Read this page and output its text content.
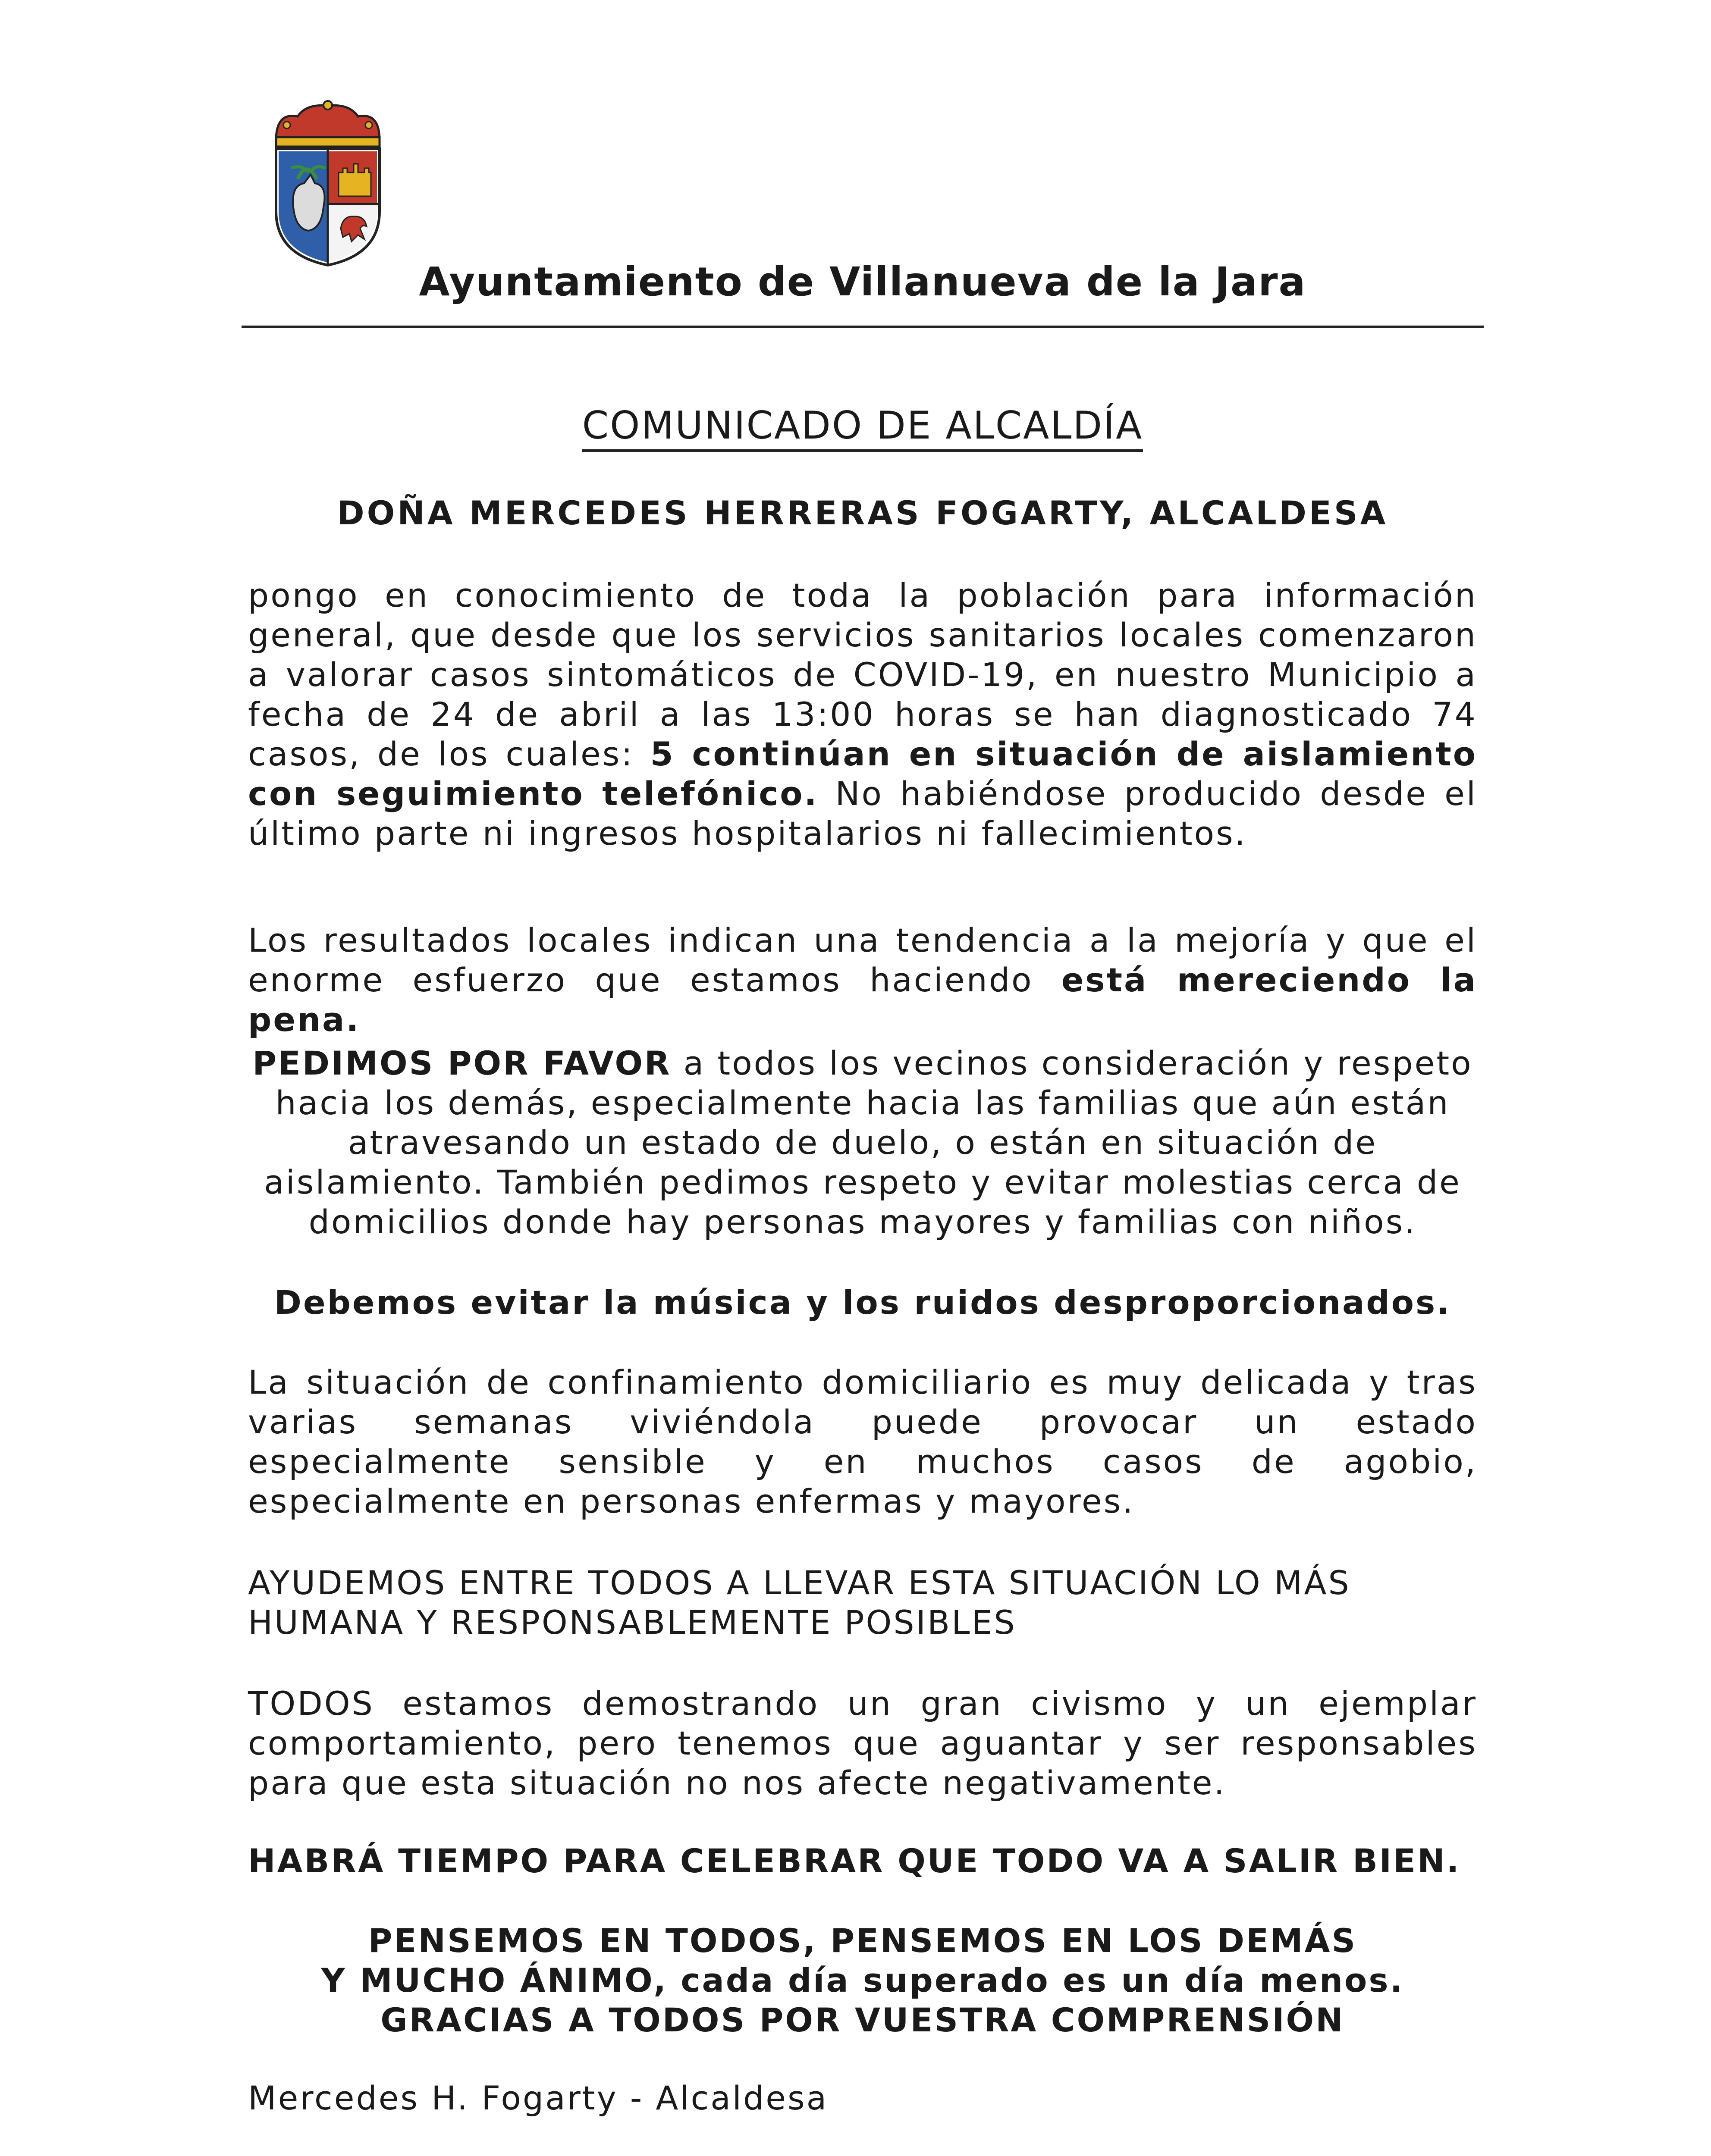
Ayuntamiento de Villanueva de la Jara
COMUNICADO DE ALCALDÍA
DOÑA MERCEDES HERRERAS FOGARTY, ALCALDESA
pongo en conocimiento de toda la población para información general, que desde que los servicios sanitarios locales comenzaron a valorar casos sintomáticos de COVID-19, en nuestro Municipio a fecha de 24 de abril a las 13:00 horas se han diagnosticado 74 casos, de los cuales: 5 continúan en situación de aislamiento con seguimiento telefónico. No habiéndose producido desde el último parte ni ingresos hospitalarios ni fallecimientos.
Los resultados locales indican una tendencia a la mejoría y que el enorme esfuerzo que estamos haciendo está mereciendo la pena.
PEDIMOS POR FAVOR a todos los vecinos consideración y respeto hacia los demás, especialmente hacia las familias que aún están atravesando un estado de duelo, o están en situación de aislamiento. También pedimos respeto y evitar molestias cerca de domicilios donde hay personas mayores y familias con niños.
Debemos evitar la música y los ruidos desproporcionados.
La situación de confinamiento domiciliario es muy delicada y tras varias semanas viviéndola puede provocar un estado especialmente sensible y en muchos casos de agobio, especialmente en personas enfermas y mayores.
AYUDEMOS ENTRE TODOS A LLEVAR ESTA SITUACIÓN LO MÁS HUMANA Y RESPONSABLEMENTE POSIBLES
TODOS estamos demostrando un gran civismo y un ejemplar comportamiento, pero tenemos que aguantar y ser responsables para que esta situación no nos afecte negativamente.
HABRÁ TIEMPO PARA CELEBRAR QUE TODO VA A SALIR BIEN.
PENSEMOS EN TODOS, PENSEMOS EN LOS DEMÁS
Y MUCHO ÁNIMO, cada día superado es un día menos.
GRACIAS A TODOS POR VUESTRA COMPRENSIÓN
Mercedes H. Fogarty - Alcaldesa
